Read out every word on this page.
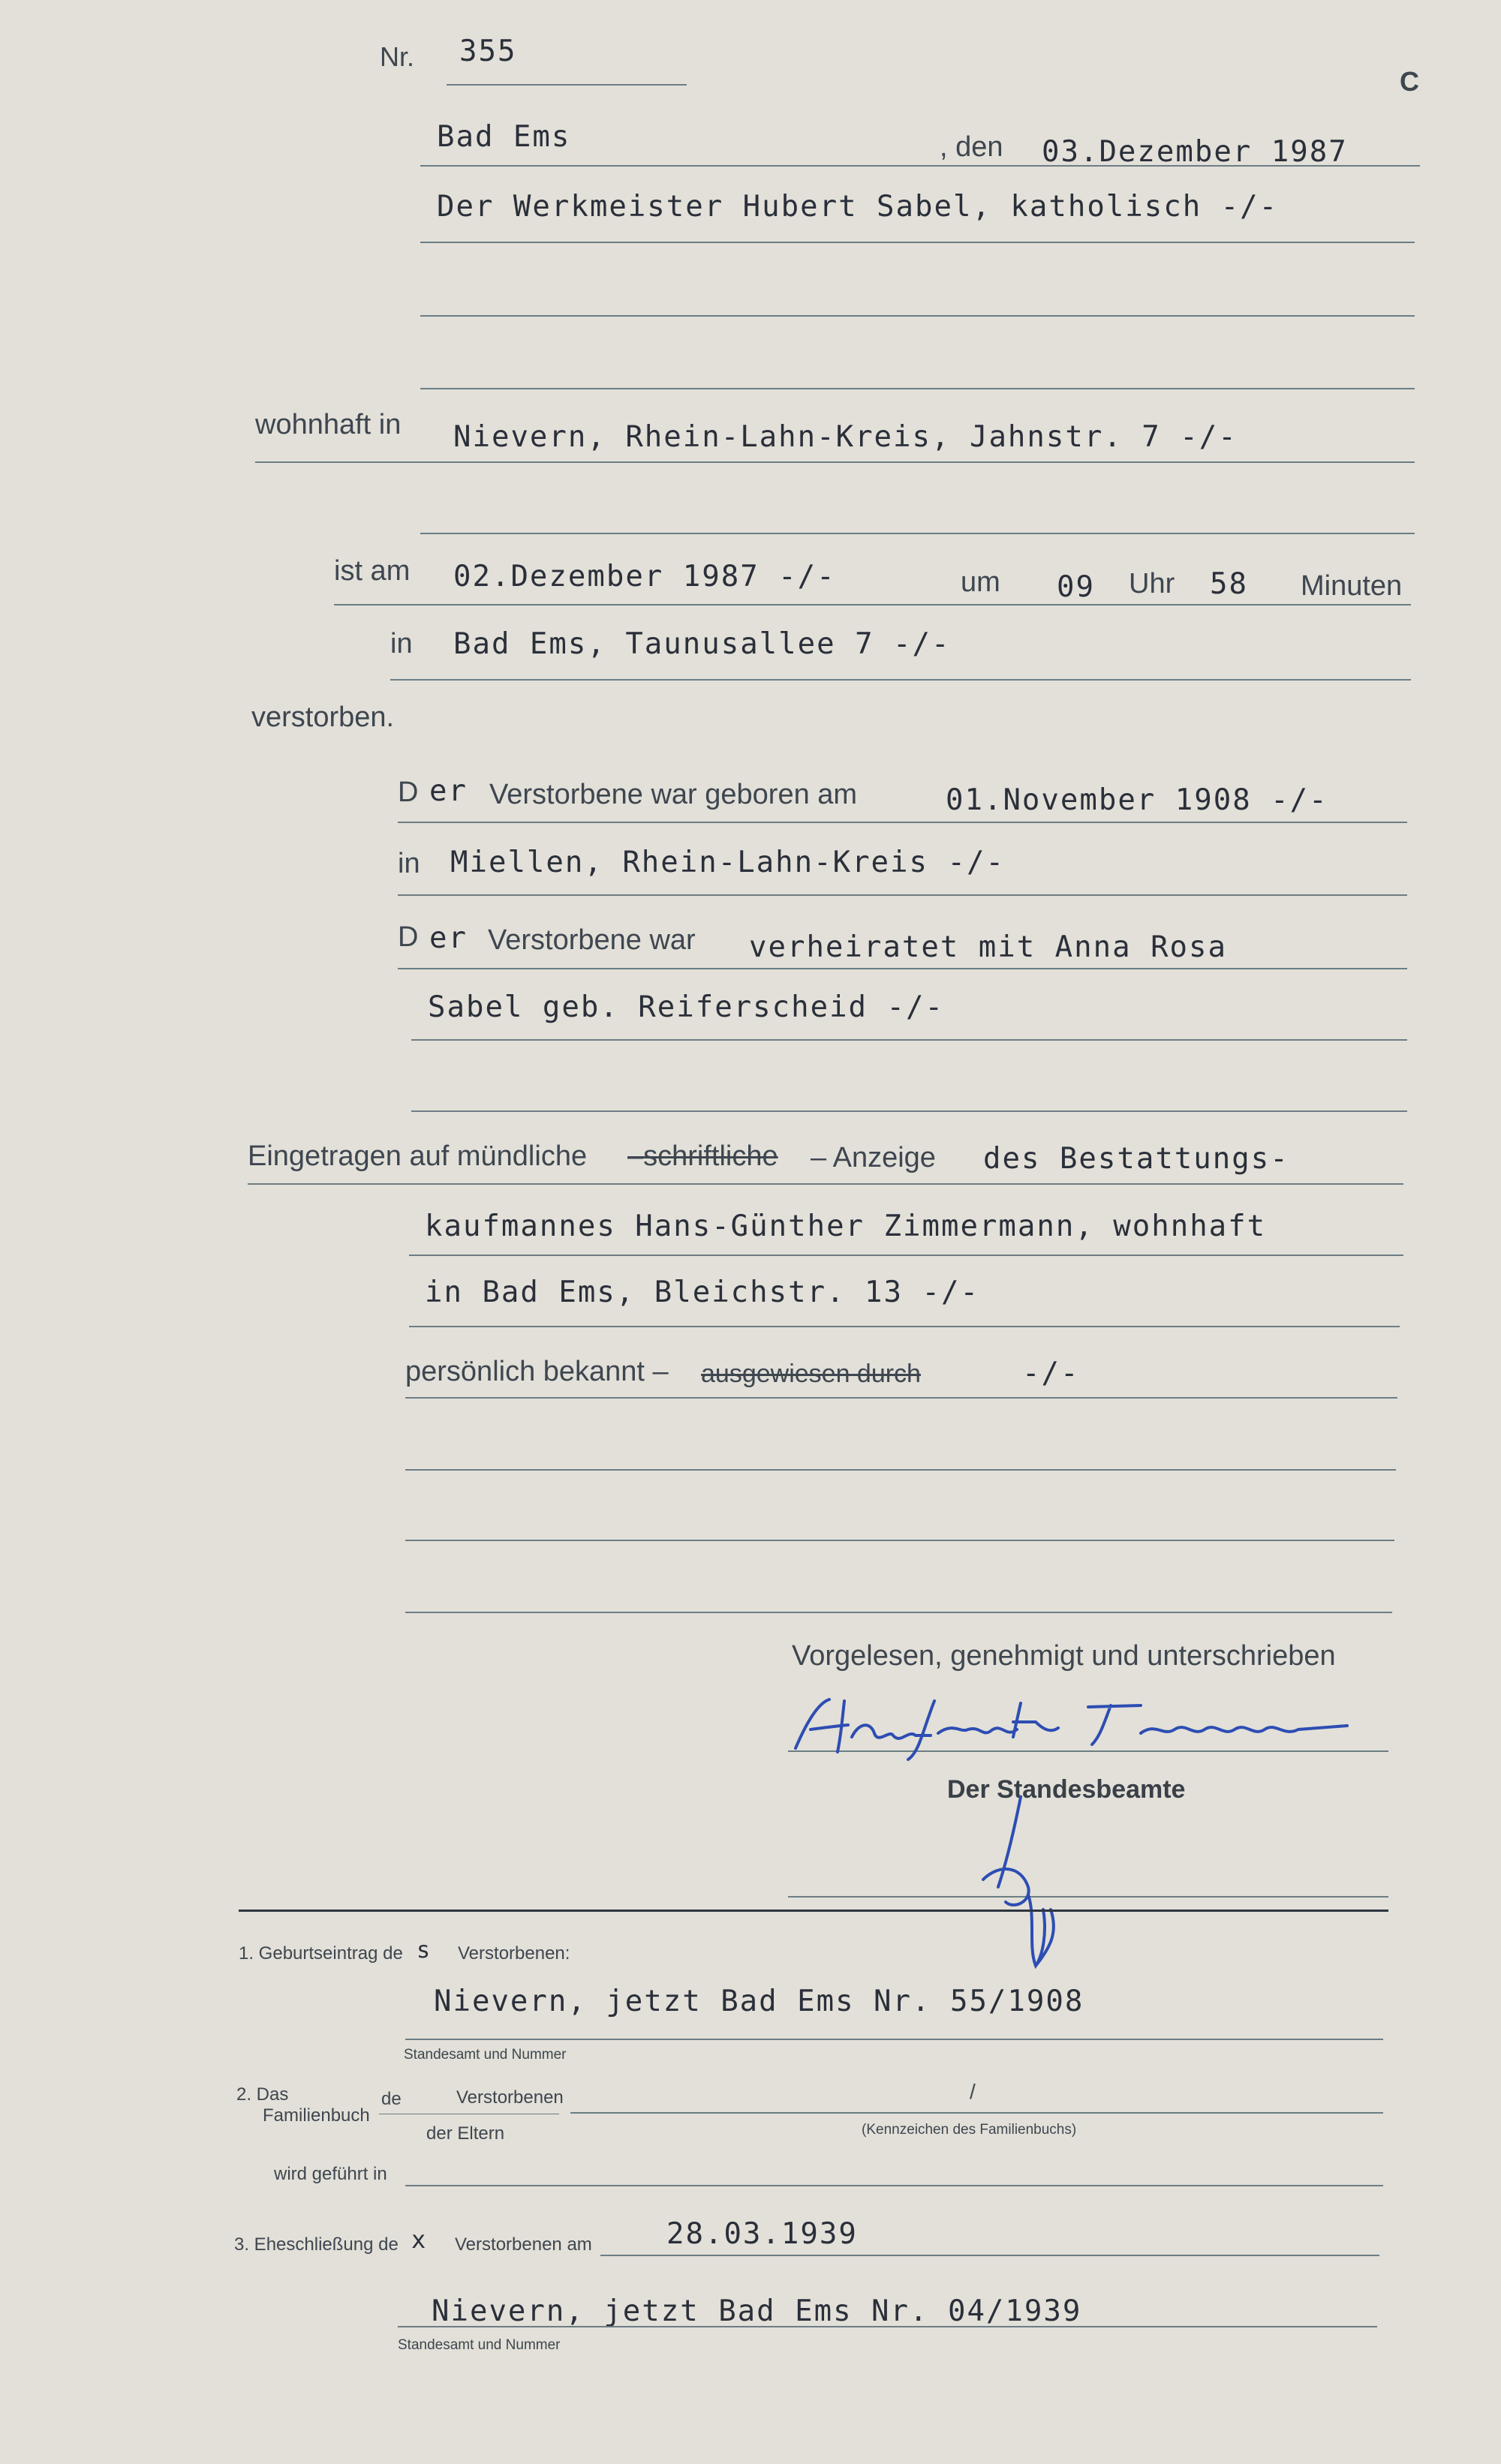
Nr. 355
C
Bad Ems	, den 03.Dezember 1987
Der Werkmeister Hubert Sabel, katholisch -/-
wohnhaft in Nievern, Rhein-Lahn-Kreis, Jahnstr. 7 -/-
ist am 02.Dezember 1987 -/-	um 09 Uhr 58 Minuten
in Bad Ems, Taunusallee 7 -/-
verstorben.
D er Verstorbene war geboren am	01.November 1908 -/-
in Miellen, Rhein-Lahn-Kreis -/-
D er Verstorbene war verheiratet mit Anna Rosa
Sabel geb. Reiferscheid -/-
Eingetragen auf mündliche –schriftliche – Anzeige des Bestattungs-
kaufmannes Hans-Günther Zimmermann, wohnhaft
in Bad Ems, Bleichstr. 13 -/-
persönlich bekannt – ausgewiesen durch	-/-
Vorgelesen, genehmigt und unterschrieben
Der Standesbeamte
1. Geburtseintrag de s Verstorbenen:
Nievern, jetzt Bad Ems Nr. 55/1908
Standesamt und Nummer
2. Das
Familienbuch
de	Verstorbenen
der Eltern
/
(Kennzeichen des Familienbuchs)
wird geführt in
3. Eheschließung de x Verstorbenen am	28.03.1939
Nievern, jetzt Bad Ems Nr. 04/1939
Standesamt und Nummer
